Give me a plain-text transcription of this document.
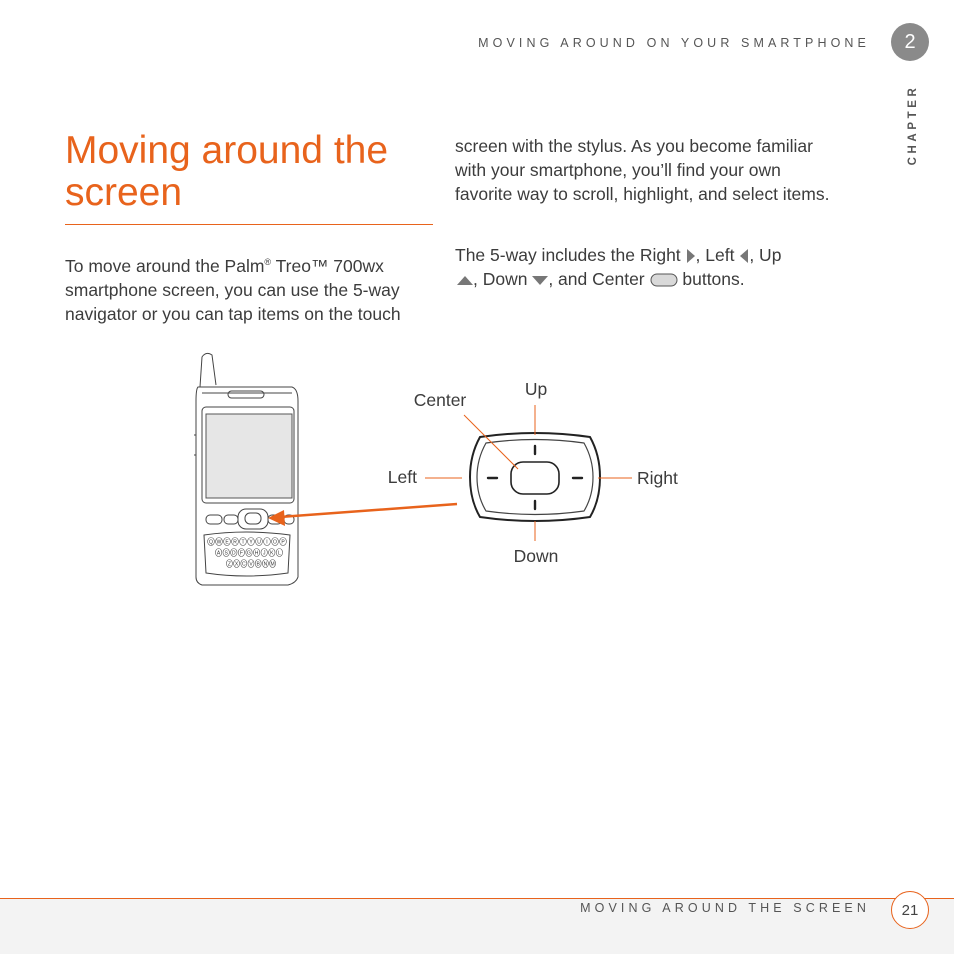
MOVING AROUND ON YOUR SMARTPHONE	2
CHAPTER
Moving around the screen

To move around the Palm® Treo™ 700wx smartphone screen, you can use the 5-way navigator or you can tap items on the touch

screen with the stylus. As you become familiar with your smartphone, you’ll find your own favorite way to scroll, highlight, and select items.

The 5-way includes the Right , Left , Up
, Down , and Center  buttons.

Q W E R T Y U I O P
A S D F G H J K L
Z X C V B N M
Up
Center
Left	Right
Down
MOVING AROUND THE SCREEN	21
